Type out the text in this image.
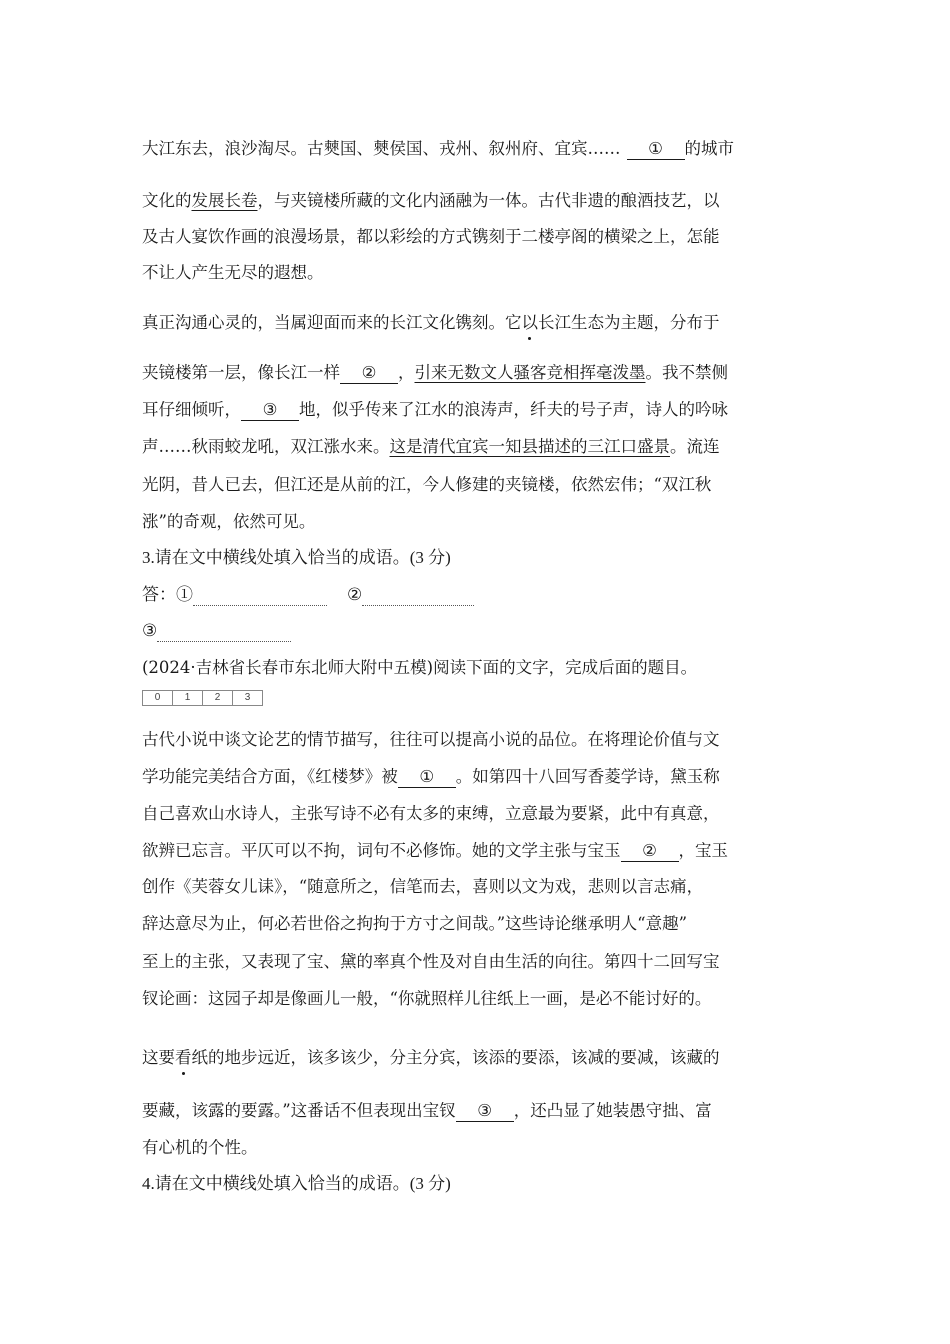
大江东去，浪沙淘尽。古僰国、僰侯国、戎州、叙州府、宜宾…… ① 的城市
文化的发展长卷，与夹镜楼所藏的文化内涵融为一体。古代非遗的酿酒技艺，以
及古人宴饮作画的浪漫场景，都以彩绘的方式镌刻于二楼亭阁的横梁之上，怎能
不让人产生无尽的遐想。
真正沟通心灵的，当属迎面而来的长江文化镌刻。它以长江生态为主题，分布于
夹镜楼第一层，像长江一样 ② ，引来无数文人骚客竞相挥毫泼墨。我不禁侧
耳仔细倾听， ③ 地，似乎传来了江水的浪涛声，纤夫的号子声，诗人的吟咏
声……秋雨蛟龙吼，双江涨水来。这是清代宜宾一知县描述的三江口盛景。流连
光阴，昔人已去，但江还是从前的江，今人修建的夹镜楼，依然宏伟；“双江秋
涨”的奇观，依然可见。
3.请在文中横线处填入恰当的成语。(3 分)
答：①	②
③
(2024·吉林省长春市东北师大附中五模)阅读下面的文字，完成后面的题目。
0	1	2	3
古代小说中谈文论艺的情节描写，往往可以提高小说的品位。在将理论价值与文
学功能完美结合方面，《红楼梦》被 ① 。如第四十八回写香菱学诗，黛玉称
自己喜欢山水诗人，主张写诗不必有太多的束缚，立意最为要紧，此中有真意，
欲辨已忘言。平仄可以不拘，词句不必修饰。她的文学主张与宝玉 ② ，宝玉
创作《芙蓉女儿诔》，“随意所之，信笔而去，喜则以文为戏，悲则以言志痛，
辞达意尽为止，何必若世俗之拘拘于方寸之间哉。”这些诗论继承明人“意趣”
至上的主张，又表现了宝、黛的率真个性及对自由生活的向往。第四十二回写宝
钗论画：这园子却是像画儿一般，“你就照样儿往纸上一画，是必不能讨好的。
这要看纸的地步远近，该多该少，分主分宾，该添的要添，该减的要减，该藏的
要藏，该露的要露。”这番话不但表现出宝钗 ③ ，还凸显了她装愚守拙、富
有心机的个性。
4.请在文中横线处填入恰当的成语。(3 分)
